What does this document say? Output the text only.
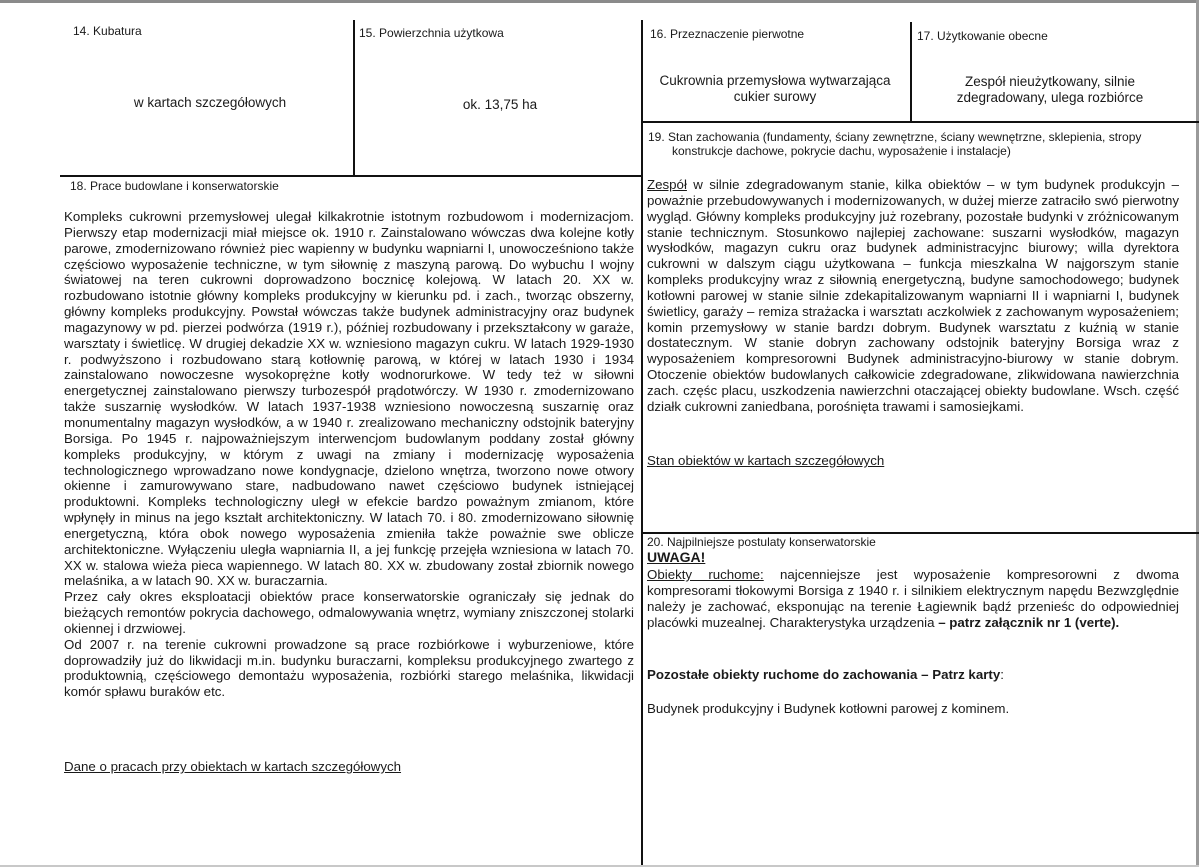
14. Kubatura
w kartach szczegółowych
15. Powierzchnia użytkowa
ok. 13,75 ha
16. Przeznaczenie pierwotne
Cukrownia przemysłowa wytwarzająca cukier surowy
17. Użytkowanie obecne
Zespół nieużytkowany, silnie zdegradowany, ulega rozbiórce
19. Stan zachowania (fundamenty, ściany zewnętrzne, ściany wewnętrzne, sklepienia, stropy konstrukcje dachowe, pokrycie dachu, wyposażenie i instalacje)

Zespół w silnie zdegradowanym stanie, kilka obiektów – w tym budynek produkcyjn – poważnie przebudowywanych i modernizowanych, w dużej mierze zatraciło swó pierwotny wygląd. Główny kompleks produkcyjny już rozebrany, pozostałe budynki v zróżnicowanym stanie technicznym. Stosunkowo najlepiej zachowane: suszarni wysłodków, magazyn wysłodków, magazyn cukru oraz budynek administracyjnc biurowy; willa dyrektora cukrowni w dalszym ciągu użytkowana – funkcja mieszkalna W najgorszym stanie kompleks produkcyjny wraz z siłownią energetyczną, budyne samochodowego; budynek kotłowni parowej w stanie silnie zdekapitalizowanym wapniarni II i wapniarni I, budynek świetlicy, garaży – remiza strażacka i warsztatı aczkolwiek z zachowanym wyposażeniem; komin przemysłowy w stanie bardzı dobrym. Budynek warsztatu z kuźnią w stanie dostatecznym. W stanie dobryn zachowany odstojnik bateryjny Borsiga wraz z wyposażeniem kompresorowni Budynek administracyjno-biurowy w stanie dobrym. Otoczenie obiektów budowlanych całkowicie zdegradowane, zlikwidowana nawierzchnia zach. częśc placu, uszkodzenia nawierzchni otaczającej obiekty budowlane. Wsch. część działk cukrowni zaniedbana, porośnięta trawami i samosiejkami.

Stan obiektów w kartach szczegółowych
18. Prace budowlane i konserwatorskie

Kompleks cukrowni przemysłowej ulegał kilkakrotnie istotnym rozbudowom i modernizacjom. Pierwszy etap modernizacji miał miejsce ok. 1910 r. Zainstalowano wówczas dwa kolejne kotły parowe, zmodernizowano również piec wapienny w budynku wapniarni I, unowocześniono także częściowo wyposażenie techniczne, w tym siłownię z maszyną parową. Do wybuchu I wojny światowej na teren cukrowni doprowadzono bocznicę kolejową. W latach 20. XX w. rozbudowano istotnie główny kompleks produkcyjny w kierunku pd. i zach., tworząc obszerny, główny kompleks produkcyjny. Powstał wówczas także budynek administracyjny oraz budynek magazynowy w pd. pierzei podwórza (1919 r.), później rozbudowany i przekształcony w garaże, warsztaty i świetlicę. W drugiej dekadzie XX w. wzniesiono magazyn cukru. W latach 1929-1930 r. podwyższono i rozbudowano starą kotłownię parową, w której w latach 1930 i 1934 zainstalowano nowoczesne wysokoprężne kotły wodnorurkowe. W tedy też w siłowni energetycznej zainstalowano pierwszy turbozespół prądotwórczy. W 1930 r. zmodernizowano także suszarnię wysłodków. W latach 1937-1938 wzniesiono nowoczesną suszarnię oraz monumentalny magazyn wysłodków, a w 1940 r. zrealizowano mechaniczny odstojnik bateryjny Borsiga. Po 1945 r. najpoważniejszym interwencjom budowlanym poddany został główny kompleks produkcyjny, w którym z uwagi na zmiany i modernizację wyposażenia technologicznego wprowadzano nowe kondygnacje, dzielono wnętrza, tworzono nowe otwory okienne i zamurowywano stare, nadbudowano nawet częściowo budynek istniejącej produktowni. Kompleks technologiczny uległ w efekcie bardzo poważnym zmianom, które wpłynęły in minus na jego kształt architektoniczny. W latach 70. i 80. zmodernizowano siłownię energetyczną, która obok nowego wyposażenia zmieniła także poważnie swe oblicze architektoniczne. Wyłączeniu uległa wapniarnia II, a jej funkcję przejęła wzniesiona w latach 70. XX w. stalowa wieża pieca wapiennego. W latach 80. XX w. zbudowany został zbiornik nowego melaśnika, a w latach 90. XX w. buraczarnia.

Przez cały okres eksploatacji obiektów prace konserwatorskie ograniczały się jednak do bieżących remontów pokrycia dachowego, odmalowywania wnętrz, wymiany zniszczonej stolarki okiennej i drzwiowej.

Od 2007 r. na terenie cukrowni prowadzone są prace rozbiórkowe i wyburzeniowe, które doprowadziły już do likwidacji m.in. budynku buraczarni, kompleksu produkcyjnego zwartego z produktownią, częściowego demontażu wyposażenia, rozbiórki starego melaśnika, likwidacji komór spławu buraków etc.

Dane o pracach przy obiektach w kartach szczegółowych
20. Najpilniejsze postulaty konserwatorskie
UWAGA!

Obiekty ruchome: najcenniejsze jest wyposażenie kompresorowni z dwoma kompresorami tłokowymi Borsiga z 1940 r. i silnikiem elektrycznym napędu Bezwzględnie należy je zachować, eksponując na terenie Łagiewnik bądź przenieśc do odpowiedniej placówki muzealnej. Charakterystyka urządzenia – patrz załącznik nr 1 (verte).

Pozostałe obiekty ruchome do zachowania – Patrz karty:
Budynek produkcyjny i Budynek kotłowni parowej z kominem.
